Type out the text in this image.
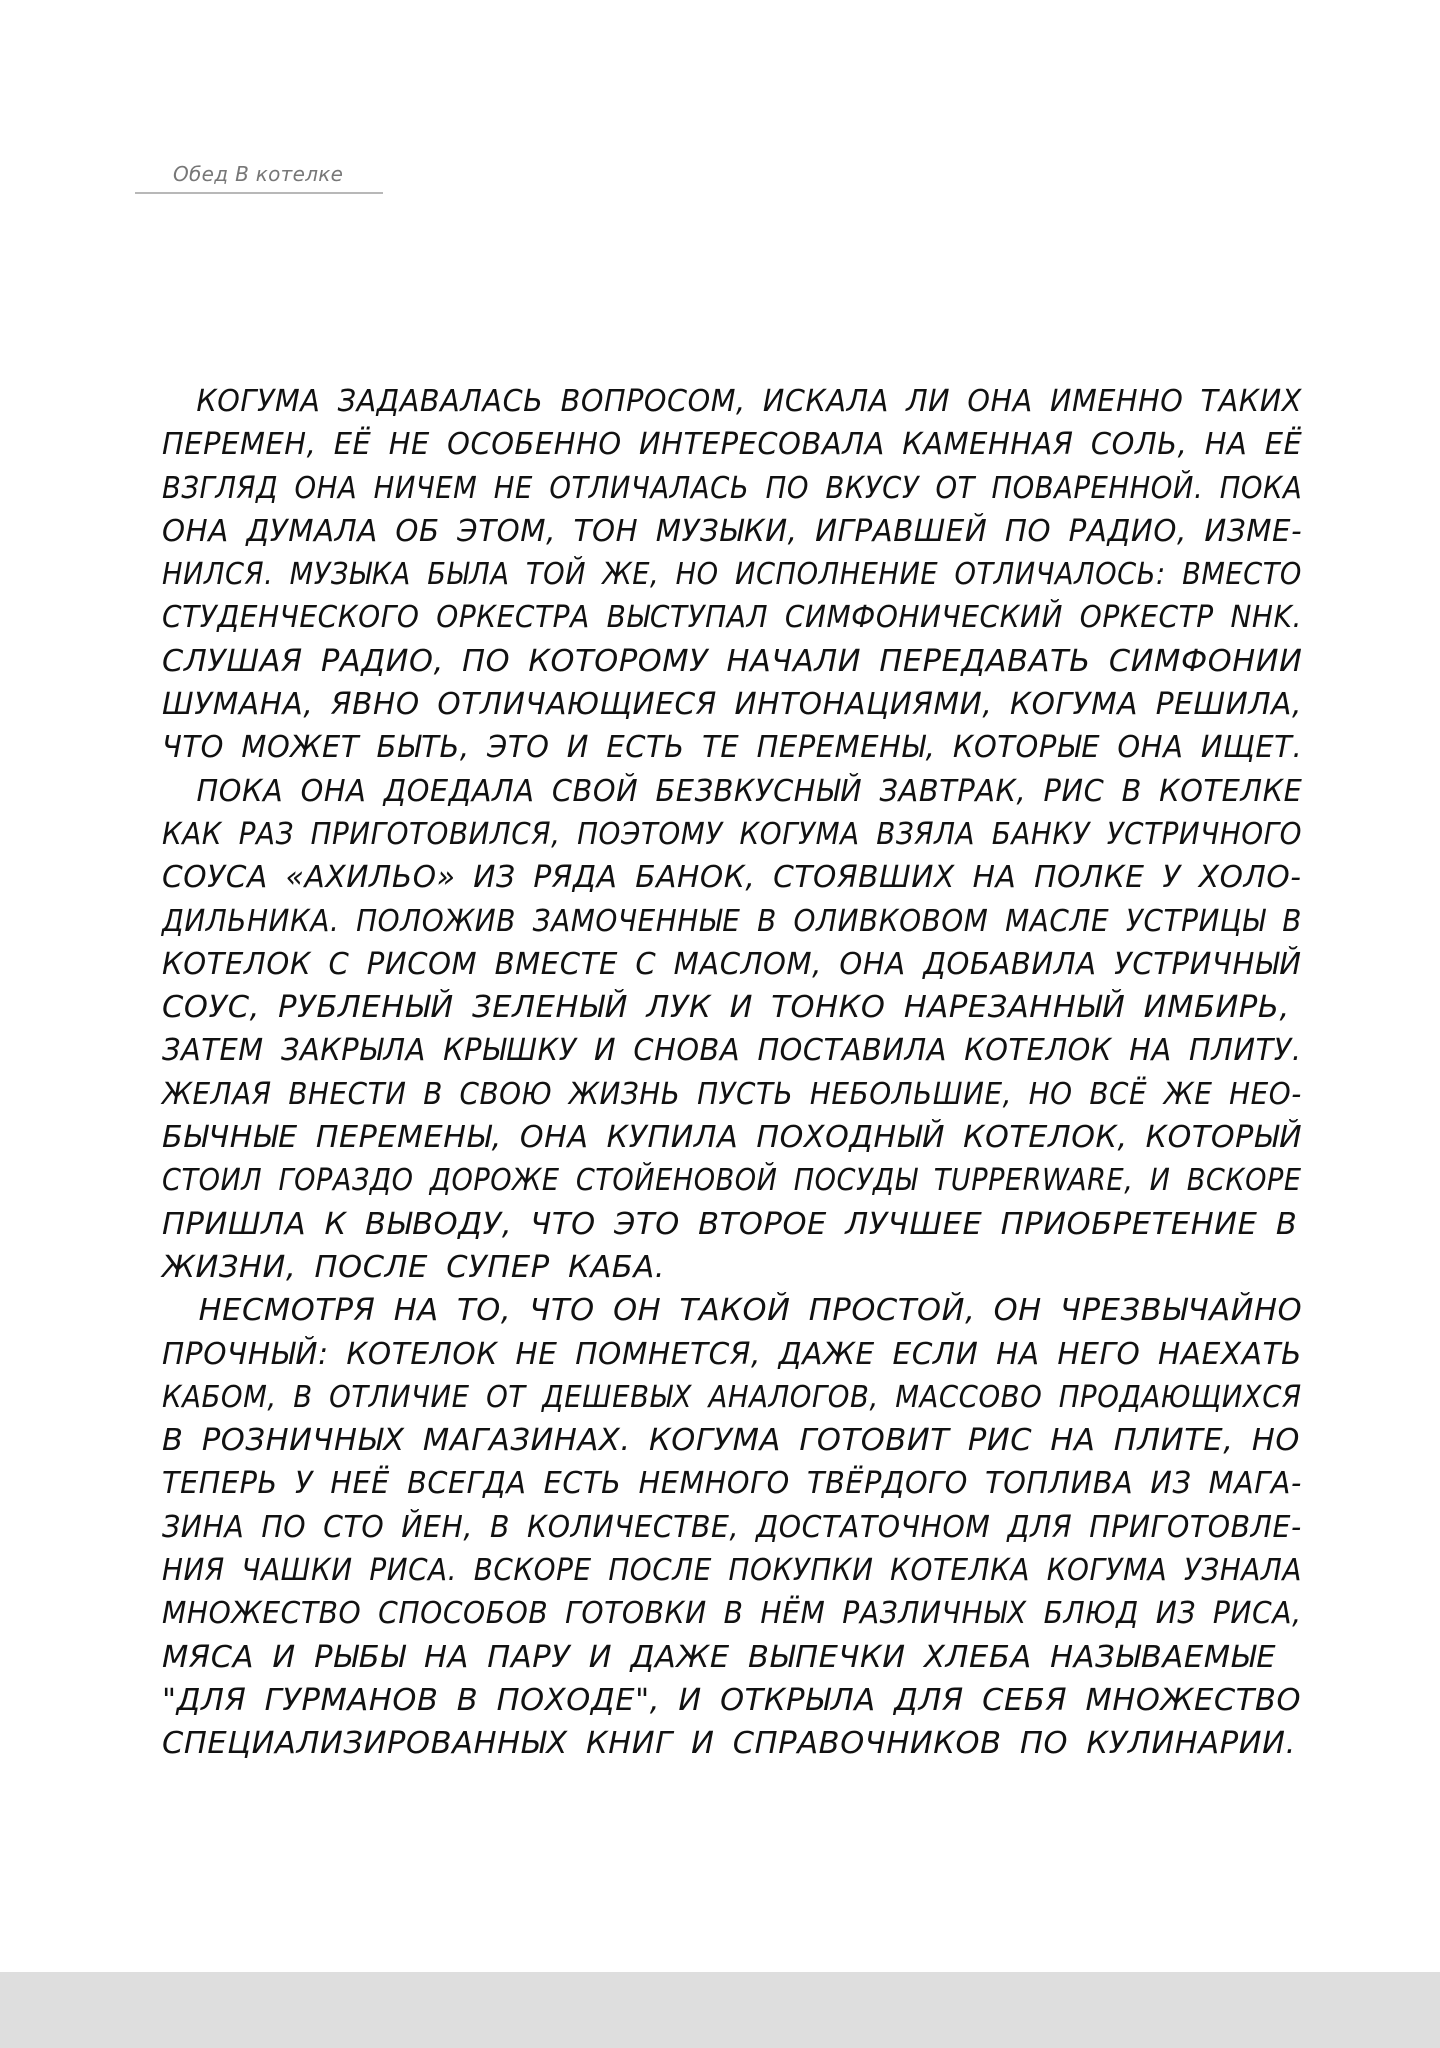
Обед В котелке
КОГУМА ЗАДАВАЛАСЬ ВОПРОСОМ, ИСКАЛА ЛИ ОНА ИМЕННО ТАКИХ
ПЕРЕМЕН, ЕЁ НЕ ОСОБЕННО ИНТЕРЕСОВАЛА КАМЕННАЯ СОЛЬ, НА ЕЁ
ВЗГЛЯД ОНА НИЧЕМ НЕ ОТЛИЧАЛАСЬ ПО ВКУСУ ОТ ПОВАРЕННОЙ. ПОКА
ОНА ДУМАЛА ОБ ЭТОМ, ТОН МУЗЫКИ, ИГРАВШЕЙ ПО РАДИО, ИЗМЕ-
НИЛСЯ. МУЗЫКА БЫЛА ТОЙ ЖЕ, НО ИСПОЛНЕНИЕ ОТЛИЧАЛОСЬ: ВМЕСТО
СТУДЕНЧЕСКОГО ОРКЕСТРА ВЫСТУПАЛ СИМФОНИЧЕСКИЙ ОРКЕСТР NHK.
СЛУШАЯ РАДИО, ПО КОТОРОМУ НАЧАЛИ ПЕРЕДАВАТЬ СИМФОНИИ
ШУМАНА, ЯВНО ОТЛИЧАЮЩИЕСЯ ИНТОНАЦИЯМИ, КОГУМА РЕШИЛА,
ЧТО МОЖЕТ БЫТЬ, ЭТО И ЕСТЬ ТЕ ПЕРЕМЕНЫ, КОТОРЫЕ ОНА ИЩЕТ.
ПОКА ОНА ДОЕДАЛА СВОЙ БЕЗВКУСНЫЙ ЗАВТРАК, РИС В КОТЕЛКЕ
КАК РАЗ ПРИГОТОВИЛСЯ, ПОЭТОМУ КОГУМА ВЗЯЛА БАНКУ УСТРИЧНОГО
СОУСА «АХИЛЬО» ИЗ РЯДА БАНОК, СТОЯВШИХ НА ПОЛКЕ У ХОЛО-
ДИЛЬНИКА. ПОЛОЖИВ ЗАМОЧЕННЫЕ В ОЛИВКОВОМ МАСЛЕ УСТРИЦЫ В
КОТЕЛОК С РИСОМ ВМЕСТЕ С МАСЛОМ, ОНА ДОБАВИЛА УСТРИЧНЫЙ
СОУС, РУБЛЕНЫЙ ЗЕЛЕНЫЙ ЛУК И ТОНКО НАРЕЗАННЫЙ ИМБИРЬ,
ЗАТЕМ ЗАКРЫЛА КРЫШКУ И СНОВА ПОСТАВИЛА КОТЕЛОК НА ПЛИТУ.
ЖЕЛАЯ ВНЕСТИ В СВОЮ ЖИЗНЬ ПУСТЬ НЕБОЛЬШИЕ, НО ВСЁ ЖЕ НЕО-
БЫЧНЫЕ ПЕРЕМЕНЫ, ОНА КУПИЛА ПОХОДНЫЙ КОТЕЛОК, КОТОРЫЙ
СТОИЛ ГОРАЗДО ДОРОЖЕ СТОЙЕНОВОЙ ПОСУДЫ TUPPERWARE, И ВСКОРЕ
ПРИШЛА К ВЫВОДУ, ЧТО ЭТО ВТОРОЕ ЛУЧШЕЕ ПРИОБРЕТЕНИЕ В
ЖИЗНИ, ПОСЛЕ СУПЕР КАБА.
НЕСМОТРЯ НА ТО, ЧТО ОН ТАКОЙ ПРОСТОЙ, ОН ЧРЕЗВЫЧАЙНО
ПРОЧНЫЙ: КОТЕЛОК НЕ ПОМНЕТСЯ, ДАЖЕ ЕСЛИ НА НЕГО НАЕХАТЬ
КАБОМ, В ОТЛИЧИЕ ОТ ДЕШЕВЫХ АНАЛОГОВ, МАССОВО ПРОДАЮЩИХСЯ
В РОЗНИЧНЫХ МАГАЗИНАХ. КОГУМА ГОТОВИТ РИС НА ПЛИТЕ, НО
ТЕПЕРЬ У НЕЁ ВСЕГДА ЕСТЬ НЕМНОГО ТВЁРДОГО ТОПЛИВА ИЗ МАГА-
ЗИНА ПО СТО ЙЕН, В КОЛИЧЕСТВЕ, ДОСТАТОЧНОМ ДЛЯ ПРИГОТОВЛЕ-
НИЯ ЧАШКИ РИСА. ВСКОРЕ ПОСЛЕ ПОКУПКИ КОТЕЛКА КОГУМА УЗНАЛА
МНОЖЕСТВО СПОСОБОВ ГОТОВКИ В НЁМ РАЗЛИЧНЫХ БЛЮД ИЗ РИСА,
МЯСА И РЫБЫ НА ПАРУ И ДАЖЕ ВЫПЕЧКИ ХЛЕБА НАЗЫВАЕМЫЕ
"ДЛЯ ГУРМАНОВ В ПОХОДЕ", И ОТКРЫЛА ДЛЯ СЕБЯ МНОЖЕСТВО
СПЕЦИАЛИЗИРОВАННЫХ КНИГ И СПРАВОЧНИКОВ ПО КУЛИНАРИИ.
